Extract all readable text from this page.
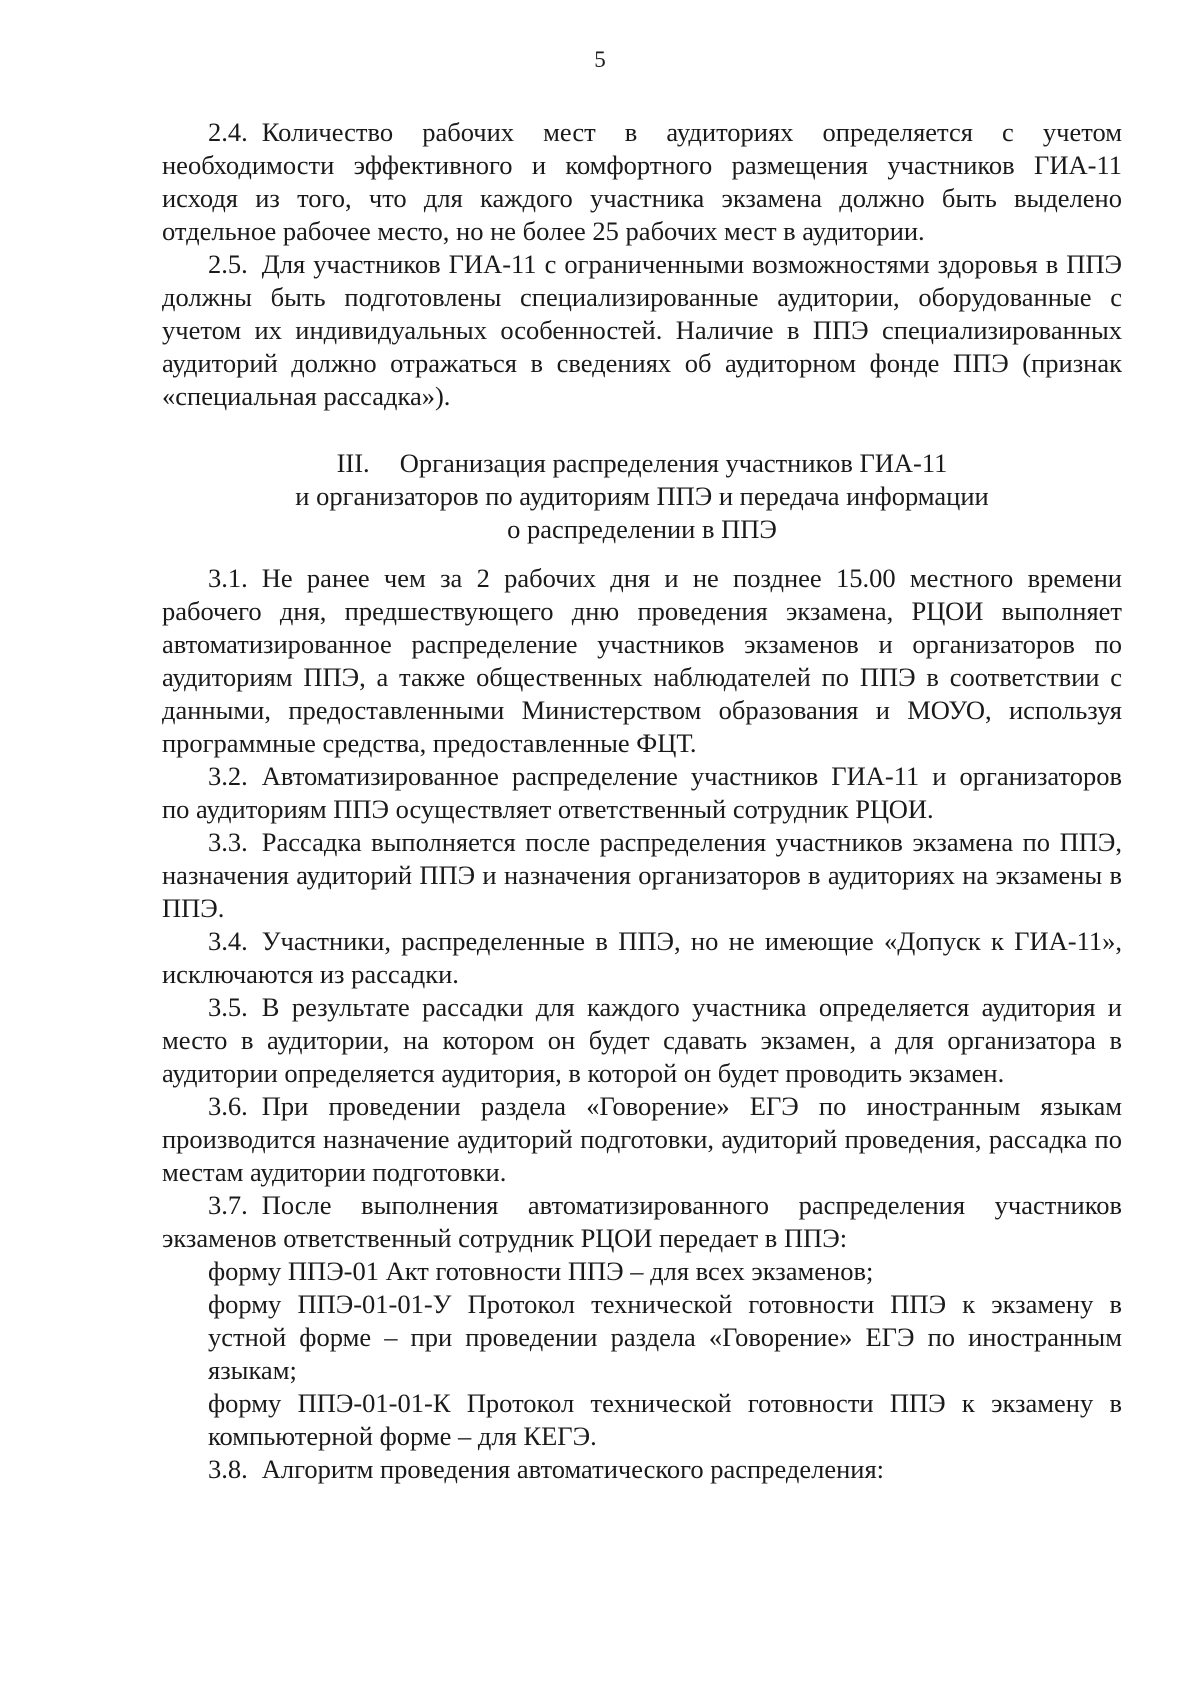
5

2.4. Количество рабочих мест в аудиториях определяется с учетом необходимости эффективного и комфортного размещения участников ГИА-11 исходя из того, что для каждого участника экзамена должно быть выделено отдельное рабочее место, но не более 25 рабочих мест в аудитории.

2.5. Для участников ГИА-11 с ограниченными возможностями здоровья в ППЭ должны быть подготовлены специализированные аудитории, оборудованные с учетом их индивидуальных особенностей. Наличие в ППЭ специализированных аудиторий должно отражаться в сведениях об аудиторном фонде ППЭ (признак «специальная рассадка»).

III. Организация распределения участников ГИА-11
и организаторов по аудиториям ППЭ и передача информации
о распределении в ППЭ

3.1. Не ранее чем за 2 рабочих дня и не позднее 15.00 местного времени рабочего дня, предшествующего дню проведения экзамена, РЦОИ выполняет автоматизированное распределение участников экзаменов и организаторов по аудиториям ППЭ, а также общественных наблюдателей по ППЭ в соответствии с данными, предоставленными Министерством образования и МОУО, используя программные средства, предоставленные ФЦТ.

3.2. Автоматизированное распределение участников ГИА-11 и организаторов по аудиториям ППЭ осуществляет ответственный сотрудник РЦОИ.

3.3. Рассадка выполняется после распределения участников экзамена по ППЭ, назначения аудиторий ППЭ и назначения организаторов в аудиториях на экзамены в ППЭ.

3.4. Участники, распределенные в ППЭ, но не имеющие «Допуск к ГИА-11», исключаются из рассадки.

3.5. В результате рассадки для каждого участника определяется аудитория и место в аудитории, на котором он будет сдавать экзамен, а для организатора в аудитории определяется аудитория, в которой он будет проводить экзамен.

3.6. При проведении раздела «Говорение» ЕГЭ по иностранным языкам производится назначение аудиторий подготовки, аудиторий проведения, рассадка по местам аудитории подготовки.

3.7. После выполнения автоматизированного распределения участников экзаменов ответственный сотрудник РЦОИ передает в ППЭ:

форму ППЭ-01 Акт готовности ППЭ – для всех экзаменов;

форму ППЭ-01-01-У Протокол технической готовности ППЭ к экзамену в устной форме – при проведении раздела «Говорение» ЕГЭ по иностранным языкам;

форму ППЭ-01-01-К Протокол технической готовности ППЭ к экзамену в компьютерной форме – для КЕГЭ.

3.8. Алгоритм проведения автоматического распределения:
